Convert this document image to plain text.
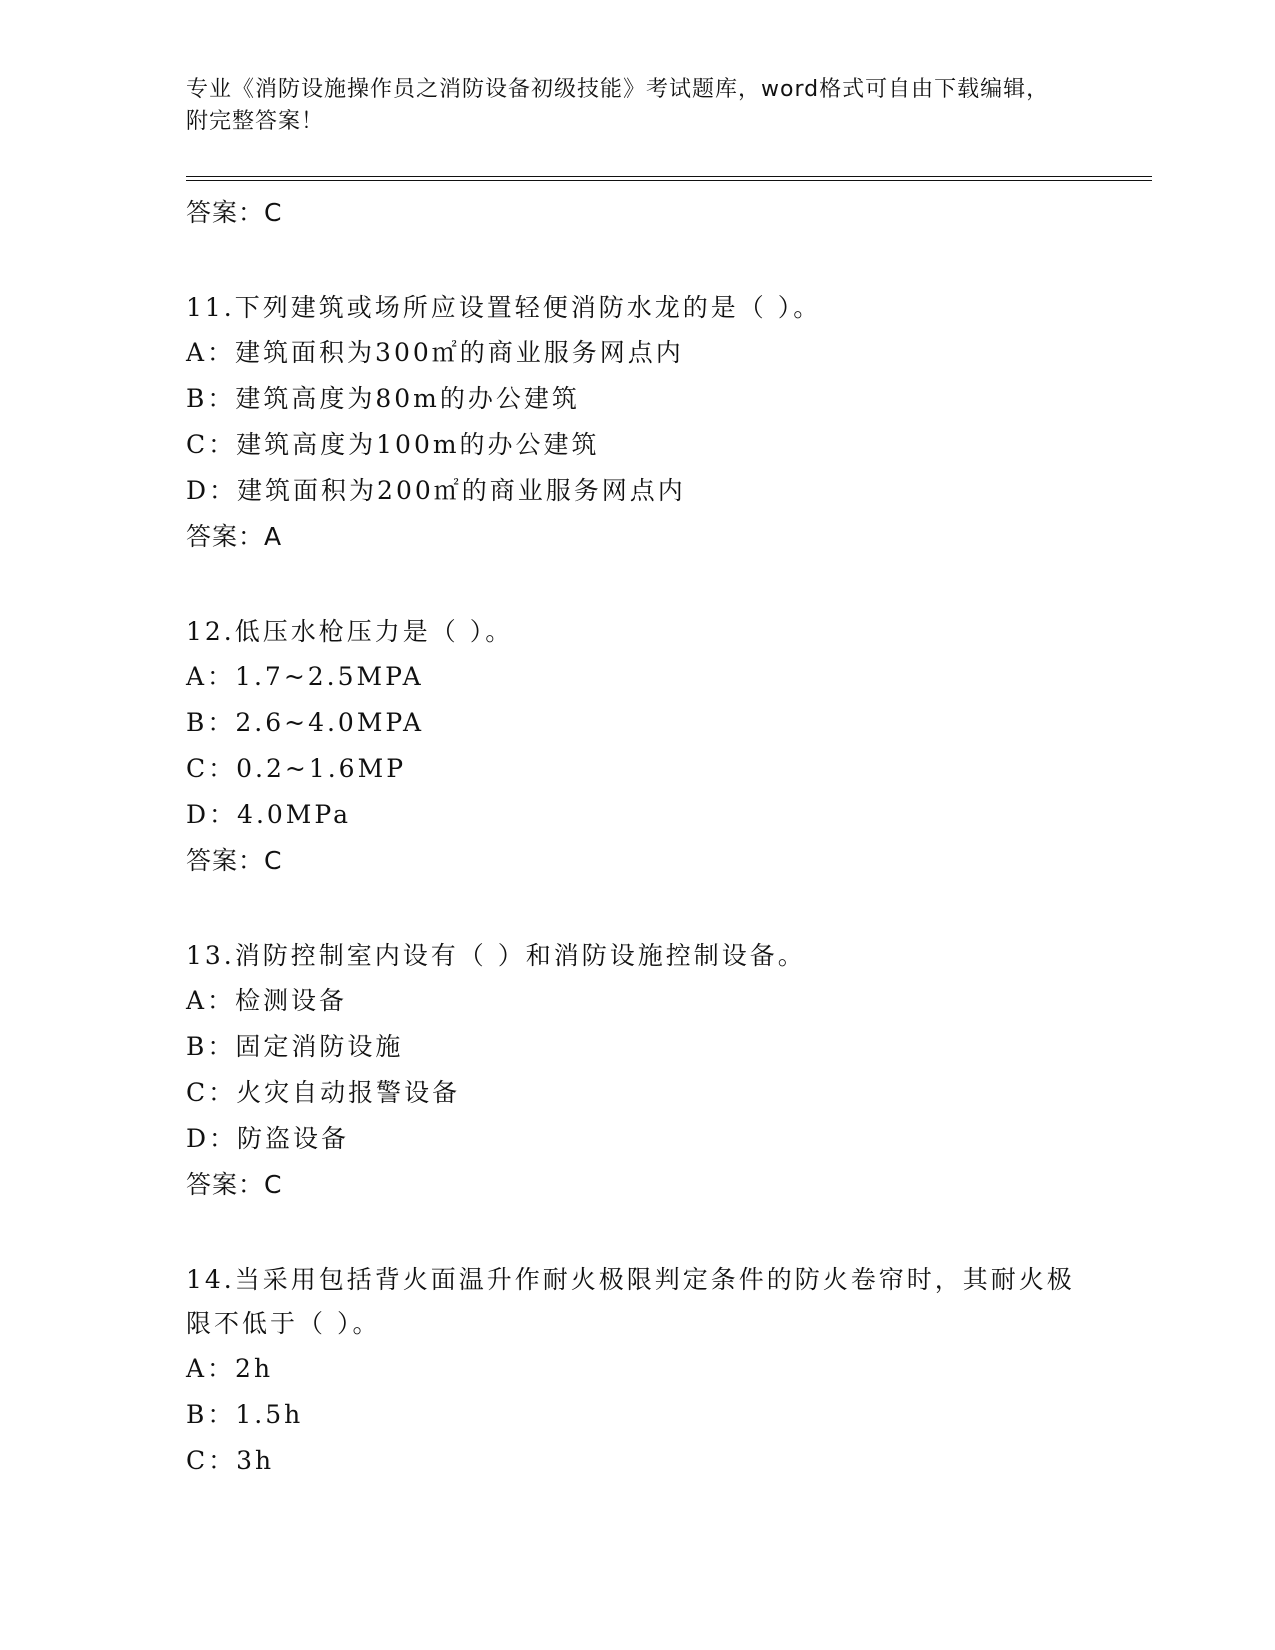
专业《消防设施操作员之消防设备初级技能》考试题库，word格式可自由下载编辑，附完整答案！
答案：C
11.下列建筑或场所应设置轻便消防水龙的是（ ）。
A：建筑面积为300㎡的商业服务网点内
B：建筑高度为80m的办公建筑
C：建筑高度为100m的办公建筑
D：建筑面积为200㎡的商业服务网点内
答案：A
12.低压水枪压力是（ ）。
A：1.7~2.5MPA
B：2.6~4.0MPA
C：0.2~1.6MP
D：4.0MPa
答案：C
13.消防控制室内设有（ ）和消防设施控制设备。
A：检测设备
B：固定消防设施
C：火灾自动报警设备
D：防盗设备
答案：C
14.当采用包括背火面温升作耐火极限判定条件的防火卷帘时，其耐火极限不低于（ ）。
A：2h
B：1.5h
C：3h
